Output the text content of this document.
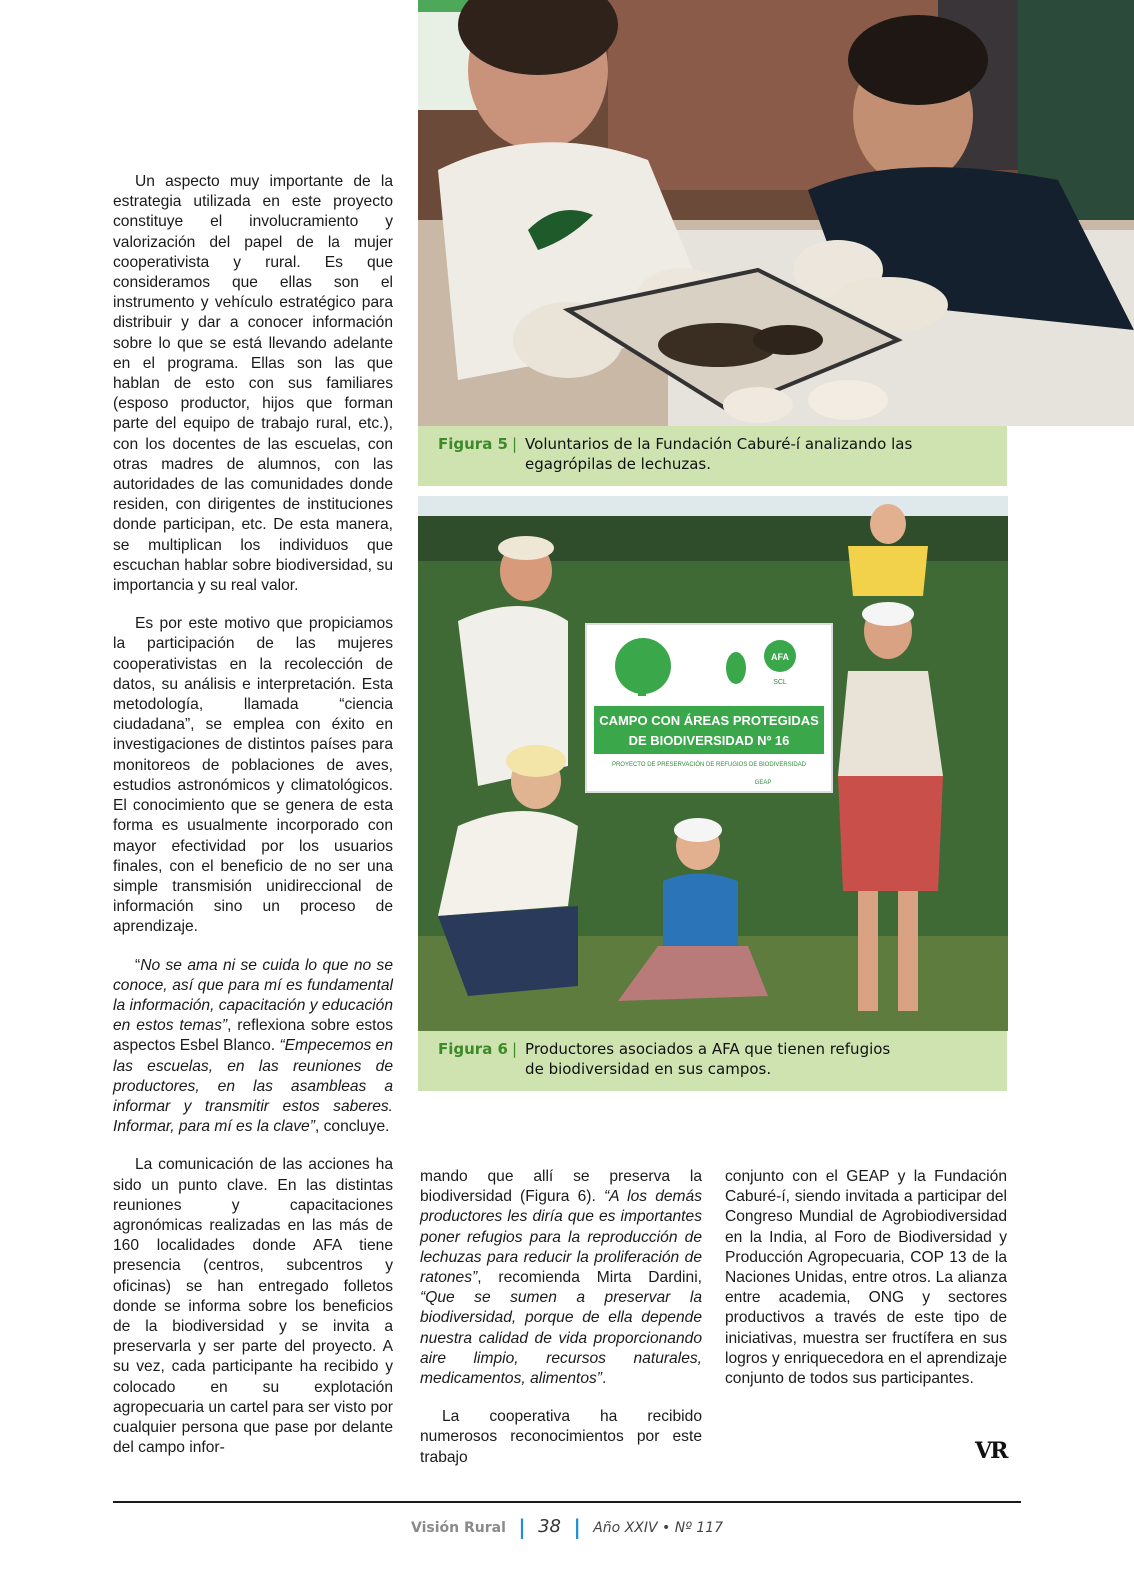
Un aspecto muy importante de la estrategia utilizada en este proyecto constituye el involucramiento y valorización del papel de la mujer cooperativista y rural. Es que consideramos que ellas son el instrumento y vehículo estratégico para distribuir y dar a conocer información sobre lo que se está llevando adelante en el programa. Ellas son las que hablan de esto con sus familiares (esposo productor, hijos que forman parte del equipo de trabajo rural, etc.), con los docentes de las escuelas, con otras madres de alumnos, con las autoridades de las comunidades donde residen, con dirigentes de instituciones donde participan, etc. De esta manera, se multiplican los individuos que escuchan hablar sobre biodiversidad, su importancia y su real valor.

Es por este motivo que propiciamos la participación de las mujeres cooperativistas en la recolección de datos, su análisis e interpretación. Esta metodología, llamada “ciencia ciudadana”, se emplea con éxito en investigaciones de distintos países para monitoreos de poblaciones de aves, estudios astronómicos y climatológicos. El conocimiento que se genera de esta forma es usualmente incorporado con mayor efectividad por los usuarios finales, con el beneficio de no ser una simple transmisión unidireccional de información sino un proceso de aprendizaje.

“No se ama ni se cuida lo que no se conoce, así que para mí es fundamental la información, capacitación y educación en estos temas”, reflexiona sobre estos aspectos Esbel Blanco. “Empecemos en las escuelas, en las reuniones de productores, en las asambleas a informar y transmitir estos saberes. Informar, para mí es la clave”, concluye.

La comunicación de las acciones ha sido un punto clave. En las distintas reuniones y capacitaciones agronómicas realizadas en las más de 160 localidades donde AFA tiene presencia (centros, subcentros y oficinas) se han entregado folletos donde se informa sobre los beneficios de la biodiversidad y se invita a preservarla y ser parte del proyecto. A su vez, cada participante ha recibido y colocado en su explotación agropecuaria un cartel para ser visto por cualquier persona que pase por delante del campo infor-

mando que allí se preserva la biodiversidad (Figura 6). “A los demás productores les diría que es importantes poner refugios para la reproducción de lechuzas para reducir la proliferación de ratones”, recomienda Mirta Dardini, “Que se sumen a preservar la biodiversidad, porque de ella depende nuestra calidad de vida proporcionando aire limpio, recursos naturales, medicamentos, alimentos”.

La cooperativa ha recibido numerosos reconocimientos por este trabajo

conjunto con el GEAP y la Fundación Caburé-í, siendo invitada a participar del Congreso Mundial de Agrobiodiversidad en la India, al Foro de Biodiversidad y Producción Agropecuaria, COP 13 de la Naciones Unidas, entre otros. La alianza entre academia, ONG y sectores productivos a través de este tipo de iniciativas, muestra ser fructífera en sus logros y enriquecedora en el aprendizaje conjunto de todos sus participantes.

Figura 5 | Voluntarios de la Fundación Caburé-í analizando las
egagrópilas de lechuzas.
AFA
SCL
CAMPO CON ÁREAS PROTEGIDAS
DE BIODIVERSIDAD Nº 16
PROYECTO DE PRESERVACIÓN DE REFUGIOS DE BIODIVERSIDAD
GEAP
Figura 6 | Productores asociados a AFA que tienen refugios
de biodiversidad en sus campos.
VR
Visión Rural | 38 | Año XXIV • Nº 117
